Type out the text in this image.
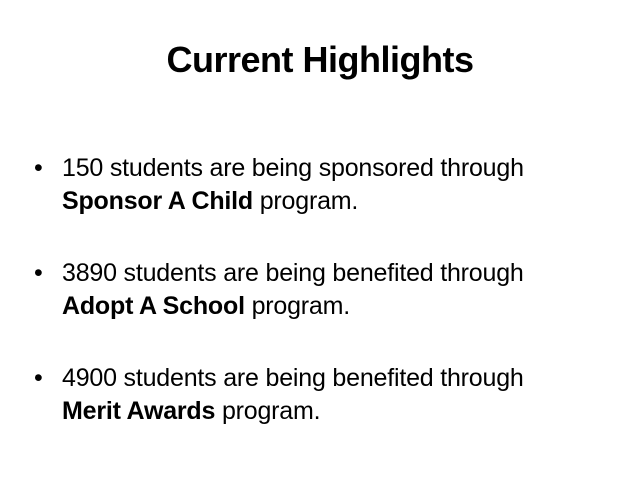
Current Highlights
• 150 students are being sponsored through
Sponsor A Child program.
• 3890 students are being benefited through
Adopt A School program.
• 4900 students are being benefited through
Merit Awards program.
